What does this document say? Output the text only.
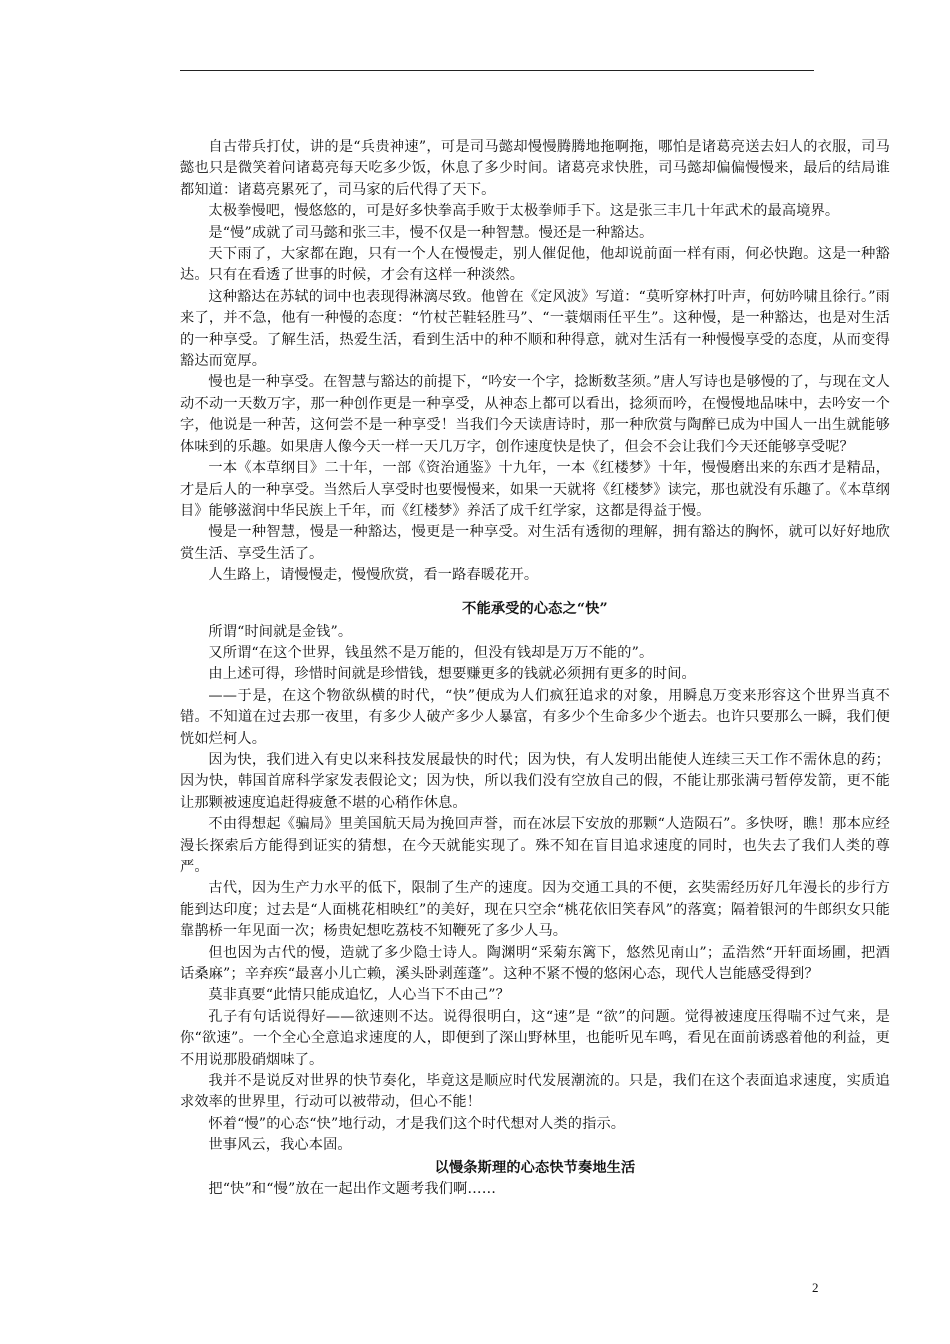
自古带兵打仗，讲的是“兵贵神速”，可是司马懿却慢慢腾腾地拖啊拖，哪怕是诸葛亮送去妇人的衣服，司马懿也只是微笑着问诸葛亮每天吃多少饭，休息了多少时间。诸葛亮求快胜，司马懿却偏偏慢慢来，最后的结局谁都知道：诸葛亮累死了，司马家的后代得了天下。

太极拳慢吧，慢悠悠的，可是好多快拳高手败于太极拳师手下。这是张三丰几十年武术的最高境界。

是“慢”成就了司马懿和张三丰，慢不仅是一种智慧。慢还是一种豁达。

天下雨了，大家都在跑，只有一个人在慢慢走，别人催促他，他却说前面一样有雨，何必快跑。这是一种豁达。只有在看透了世事的时候，才会有这样一种淡然。

这种豁达在苏轼的词中也表现得淋漓尽致。他曾在《定风波》写道：“莫听穿林打叶声，何妨吟啸且徐行。”雨来了，并不急，他有一种慢的态度：“竹杖芒鞋轻胜马”、“一蓑烟雨任平生”。这种慢，是一种豁达，也是对生活的一种享受。了解生活，热爱生活，看到生活中的种不顺和种得意，就对生活有一种慢慢享受的态度，从而变得豁达而宽厚。

慢也是一种享受。在智慧与豁达的前提下，“吟安一个字，捻断数茎须。”唐人写诗也是够慢的了，与现在文人动不动一天数万字，那一种创作更是一种享受，从神态上都可以看出，捻须而吟，在慢慢地品味中，去吟安一个字，他说是一种苦，这何尝不是一种享受！当我们今天读唐诗时，那一种欣赏与陶醉已成为中国人一出生就能够体味到的乐趣。如果唐人像今天一样一天几万字，创作速度快是快了，但会不会让我们今天还能够享受呢？

一本《本草纲目》二十年，一部《资治通鉴》十九年，一本《红楼梦》十年，慢慢磨出来的东西才是精品，才是后人的一种享受。当然后人享受时也要慢慢来，如果一天就将《红楼梦》读完，那也就没有乐趣了。《本草纲目》能够滋润中华民族上千年，而《红楼梦》养活了成千红学家，这都是得益于慢。

慢是一种智慧，慢是一种豁达，慢更是一种享受。对生活有透彻的理解，拥有豁达的胸怀，就可以好好地欣赏生活、享受生活了。

人生路上，请慢慢走，慢慢欣赏，看一路春暖花开。

不能承受的心态之“快”

所谓“时间就是金钱”。

又所谓“在这个世界，钱虽然不是万能的，但没有钱却是万万不能的”。

由上述可得，珍惜时间就是珍惜钱，想要赚更多的钱就必须拥有更多的时间。

——于是，在这个物欲纵横的时代，“快”便成为人们疯狂追求的对象，用瞬息万变来形容这个世界当真不错。不知道在过去那一夜里，有多少人破产多少人暴富，有多少个生命多少个逝去。也许只要那么一瞬，我们便恍如烂柯人。

因为快，我们进入有史以来科技发展最快的时代；因为快，有人发明出能使人连续三天工作不需休息的药；因为快，韩国首席科学家发表假论文；因为快，所以我们没有空放自己的假，不能让那张满弓暂停发箭，更不能让那颗被速度追赶得疲惫不堪的心稍作休息。

不由得想起《骗局》里美国航天局为挽回声誉，而在冰层下安放的那颗“人造陨石”。多快呀，瞧！那本应经漫长探索后方能得到证实的猜想，在今天就能实现了。殊不知在盲目追求速度的同时，也失去了我们人类的尊严。

古代，因为生产力水平的低下，限制了生产的速度。因为交通工具的不便，玄奘需经历好几年漫长的步行方能到达印度；过去是“人面桃花相映红”的美好，现在只空余“桃花依旧笑春风”的落寞；隔着银河的牛郎织女只能靠鹊桥一年见面一次；杨贵妃想吃荔枝不知鞭死了多少人马。

但也因为古代的慢，造就了多少隐士诗人。陶渊明“采菊东篱下，悠然见南山”；孟浩然“开轩面场圃，把酒话桑麻”；辛弃疾“最喜小儿亡赖，溪头卧剥莲蓬”。这种不紧不慢的悠闲心态，现代人岂能感受得到？

莫非真要“此情只能成追忆，人心当下不由己”？

孔子有句话说得好——欲速则不达。说得很明白，这“速”是 “欲”的问题。觉得被速度压得喘不过气来，是你“欲速”。一个全心全意追求速度的人，即便到了深山野林里，也能听见车鸣，看见在面前诱惑着他的利益，更不用说那股硝烟味了。

我并不是说反对世界的快节奏化，毕竟这是顺应时代发展潮流的。只是，我们在这个表面追求速度，实质追求效率的世界里，行动可以被带动，但心不能！

怀着“慢”的心态“快”地行动，才是我们这个时代想对人类的指示。

世事风云，我心本固。

以慢条斯理的心态快节奏地生活

把“快”和“慢”放在一起出作文题考我们啊……

2
